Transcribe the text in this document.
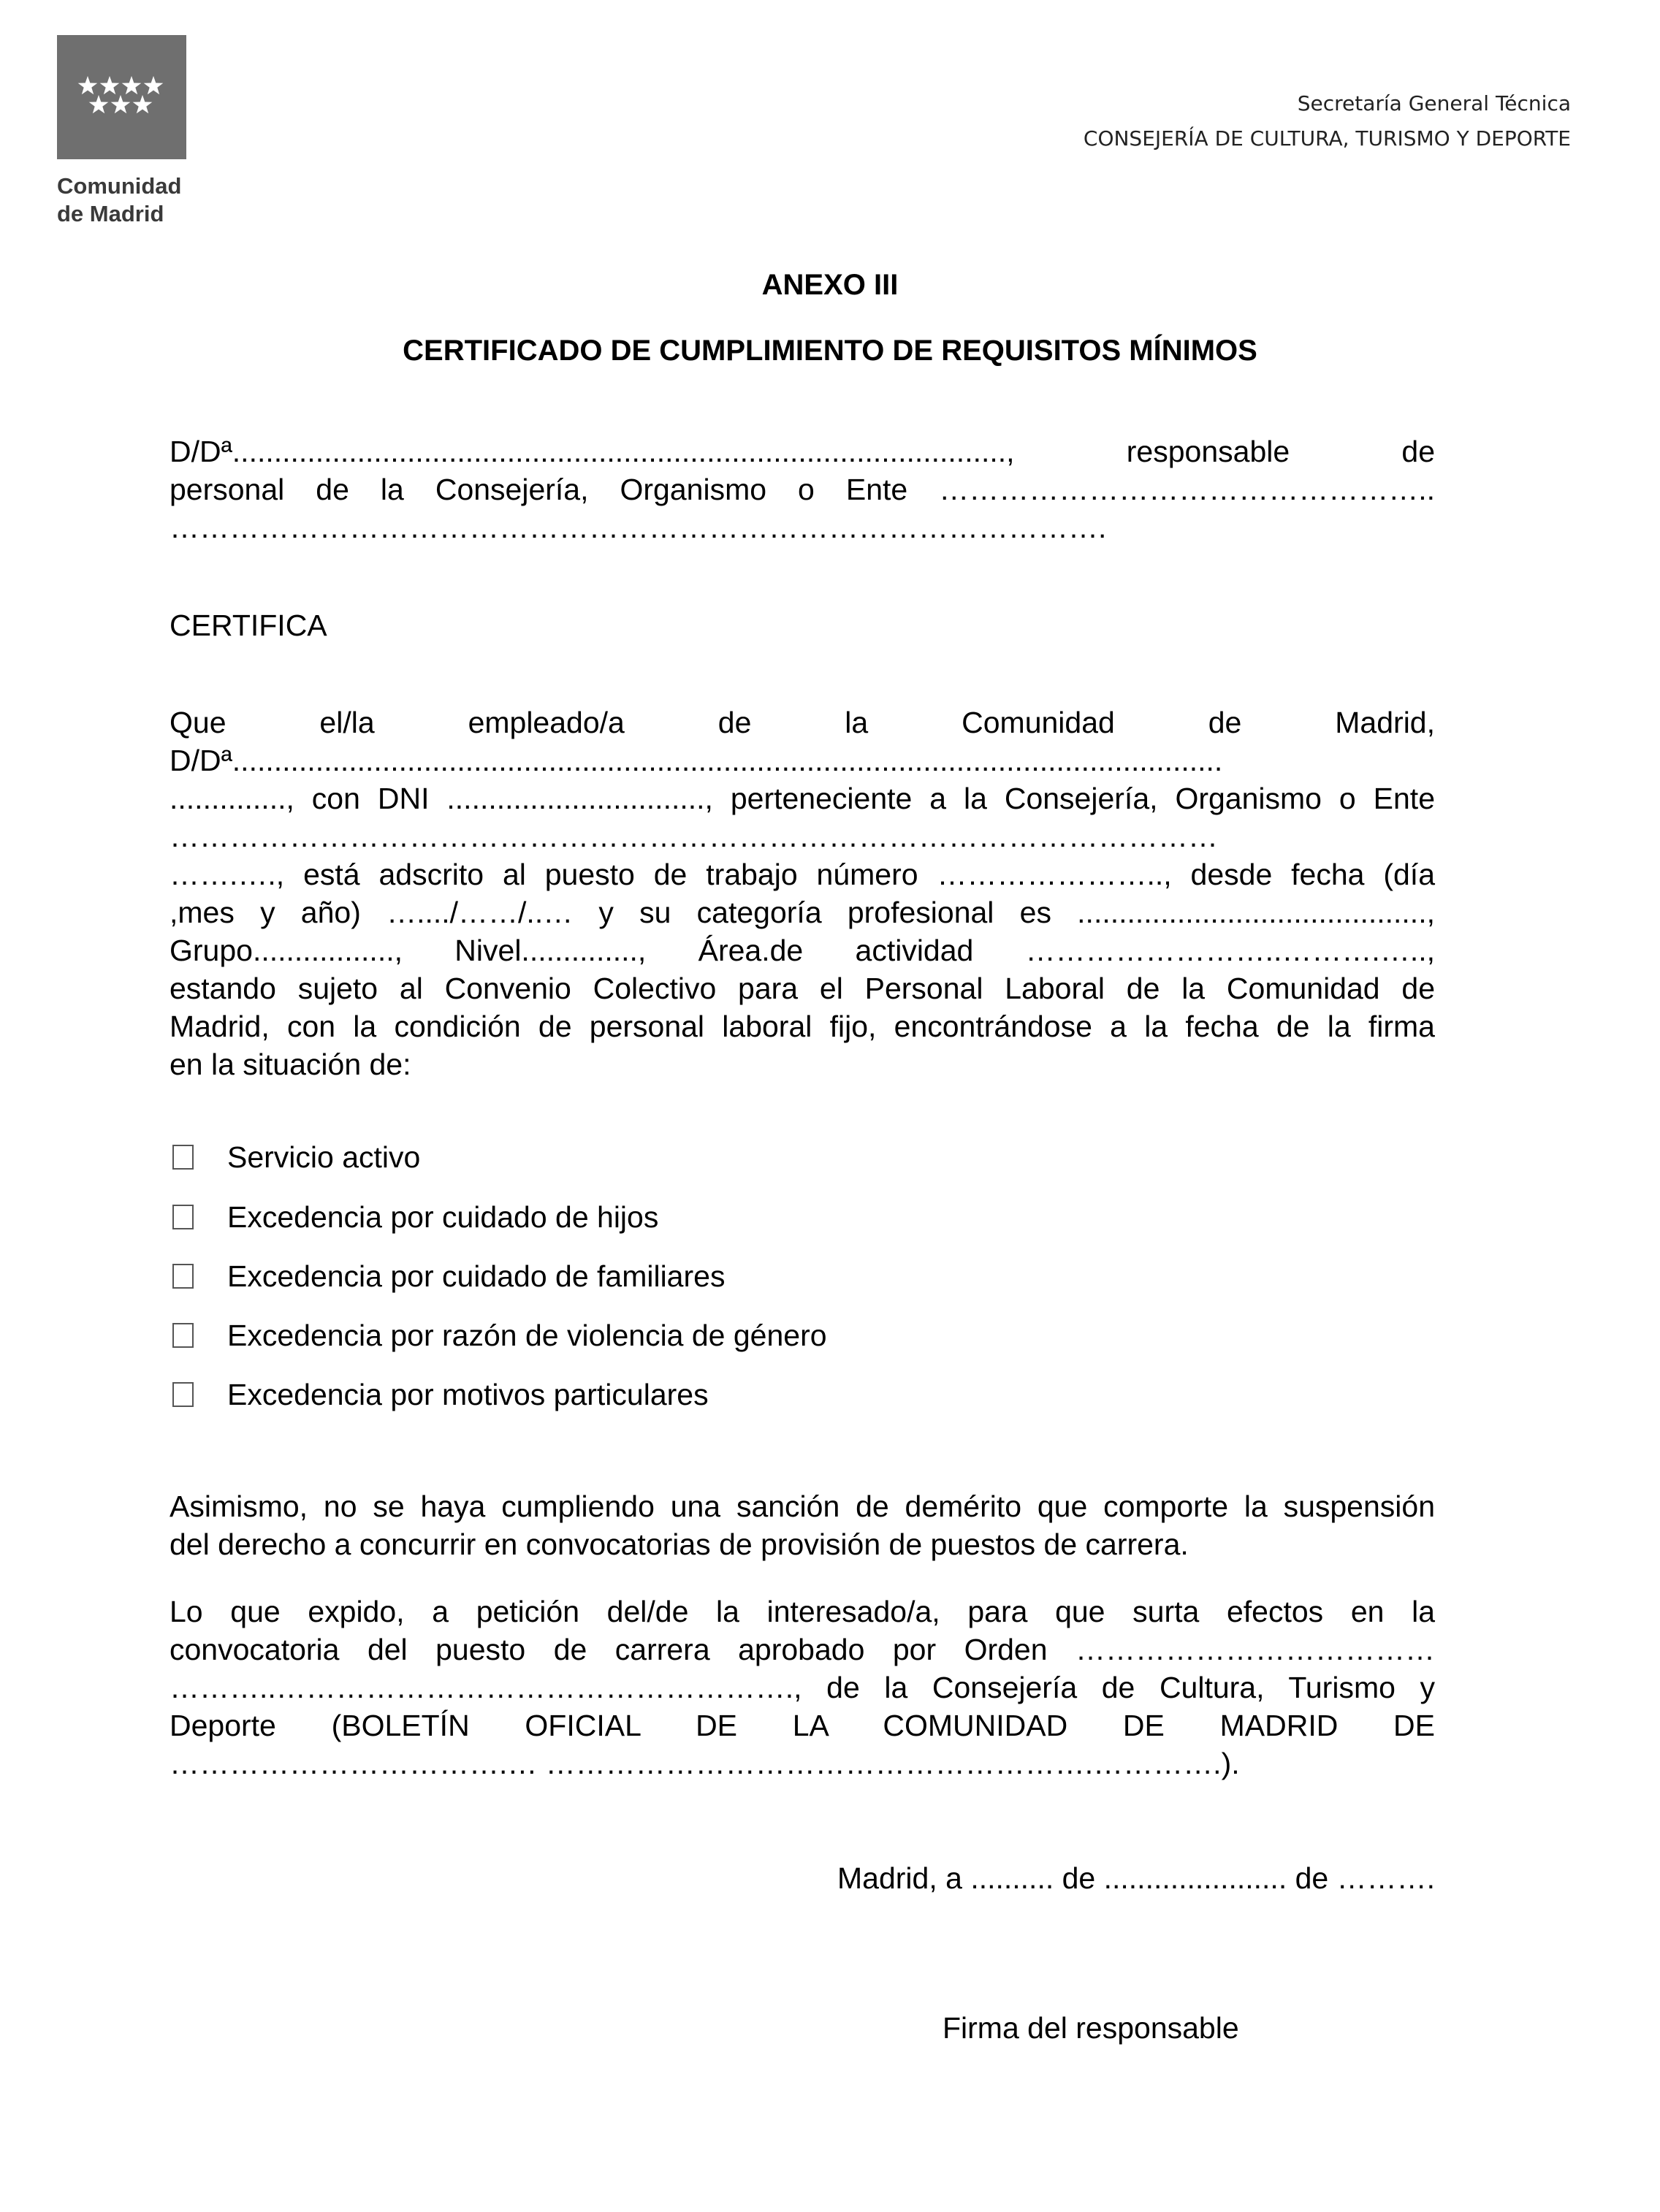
Comunidad
de Madrid
Secretaría General Técnica
CONSEJERÍA DE CULTURA, TURISMO Y DEPORTE
ANEXO III
CERTIFICADO DE CUMPLIMIENTO DE REQUISITOS MÍNIMOS
D/Dª.............................................................................................,	responsable	de
personal de la Consejería, Organismo o Ente …………………………………………..
………………………………………………………………………………….
CERTIFICA
Que	el/la	empleado/a	de	la	Comunidad	de	Madrid,
D/Dª.......................................................................................................................
.............., con DNI ..............................., perteneciente a la Consejería, Organismo o Ente
……………………………………………………………………………………………
…….…., está adscrito al puesto de trabajo número ………………….., desde fecha (día
,mes y año) …..../……/..… y su categoría profesional es ..........................................,
Grupo................., Nivel.............., Área.de actividad ……………………..……….…..,
estando sujeto al Convenio Colectivo para el Personal Laboral de la Comunidad de
Madrid, con la condición de personal laboral fijo, encontrándose a la fecha de la firma
en la situación de:
Servicio activo
Excedencia por cuidado de hijos
Excedencia por cuidado de familiares
Excedencia por razón de violencia de género
Excedencia por motivos particulares
Asimismo, no se haya cumpliendo una sanción de demérito que comporte la suspensión
del derecho a concurrir en convocatorias de provisión de puestos de carrera.
Lo que expido, a petición del/de la interesado/a, para que surta efectos en la
convocatoria del puesto de carrera aprobado por Orden ………………………………
………..……………………………………………., de la Consejería de Cultura, Turismo y
Deporte (BOLETÍN OFICIAL DE LA COMUNIDAD DE MADRID DE
…………………………….… ……………………………………………….………….).
Madrid, a .......... de ...................... de ……….
Firma del responsable
